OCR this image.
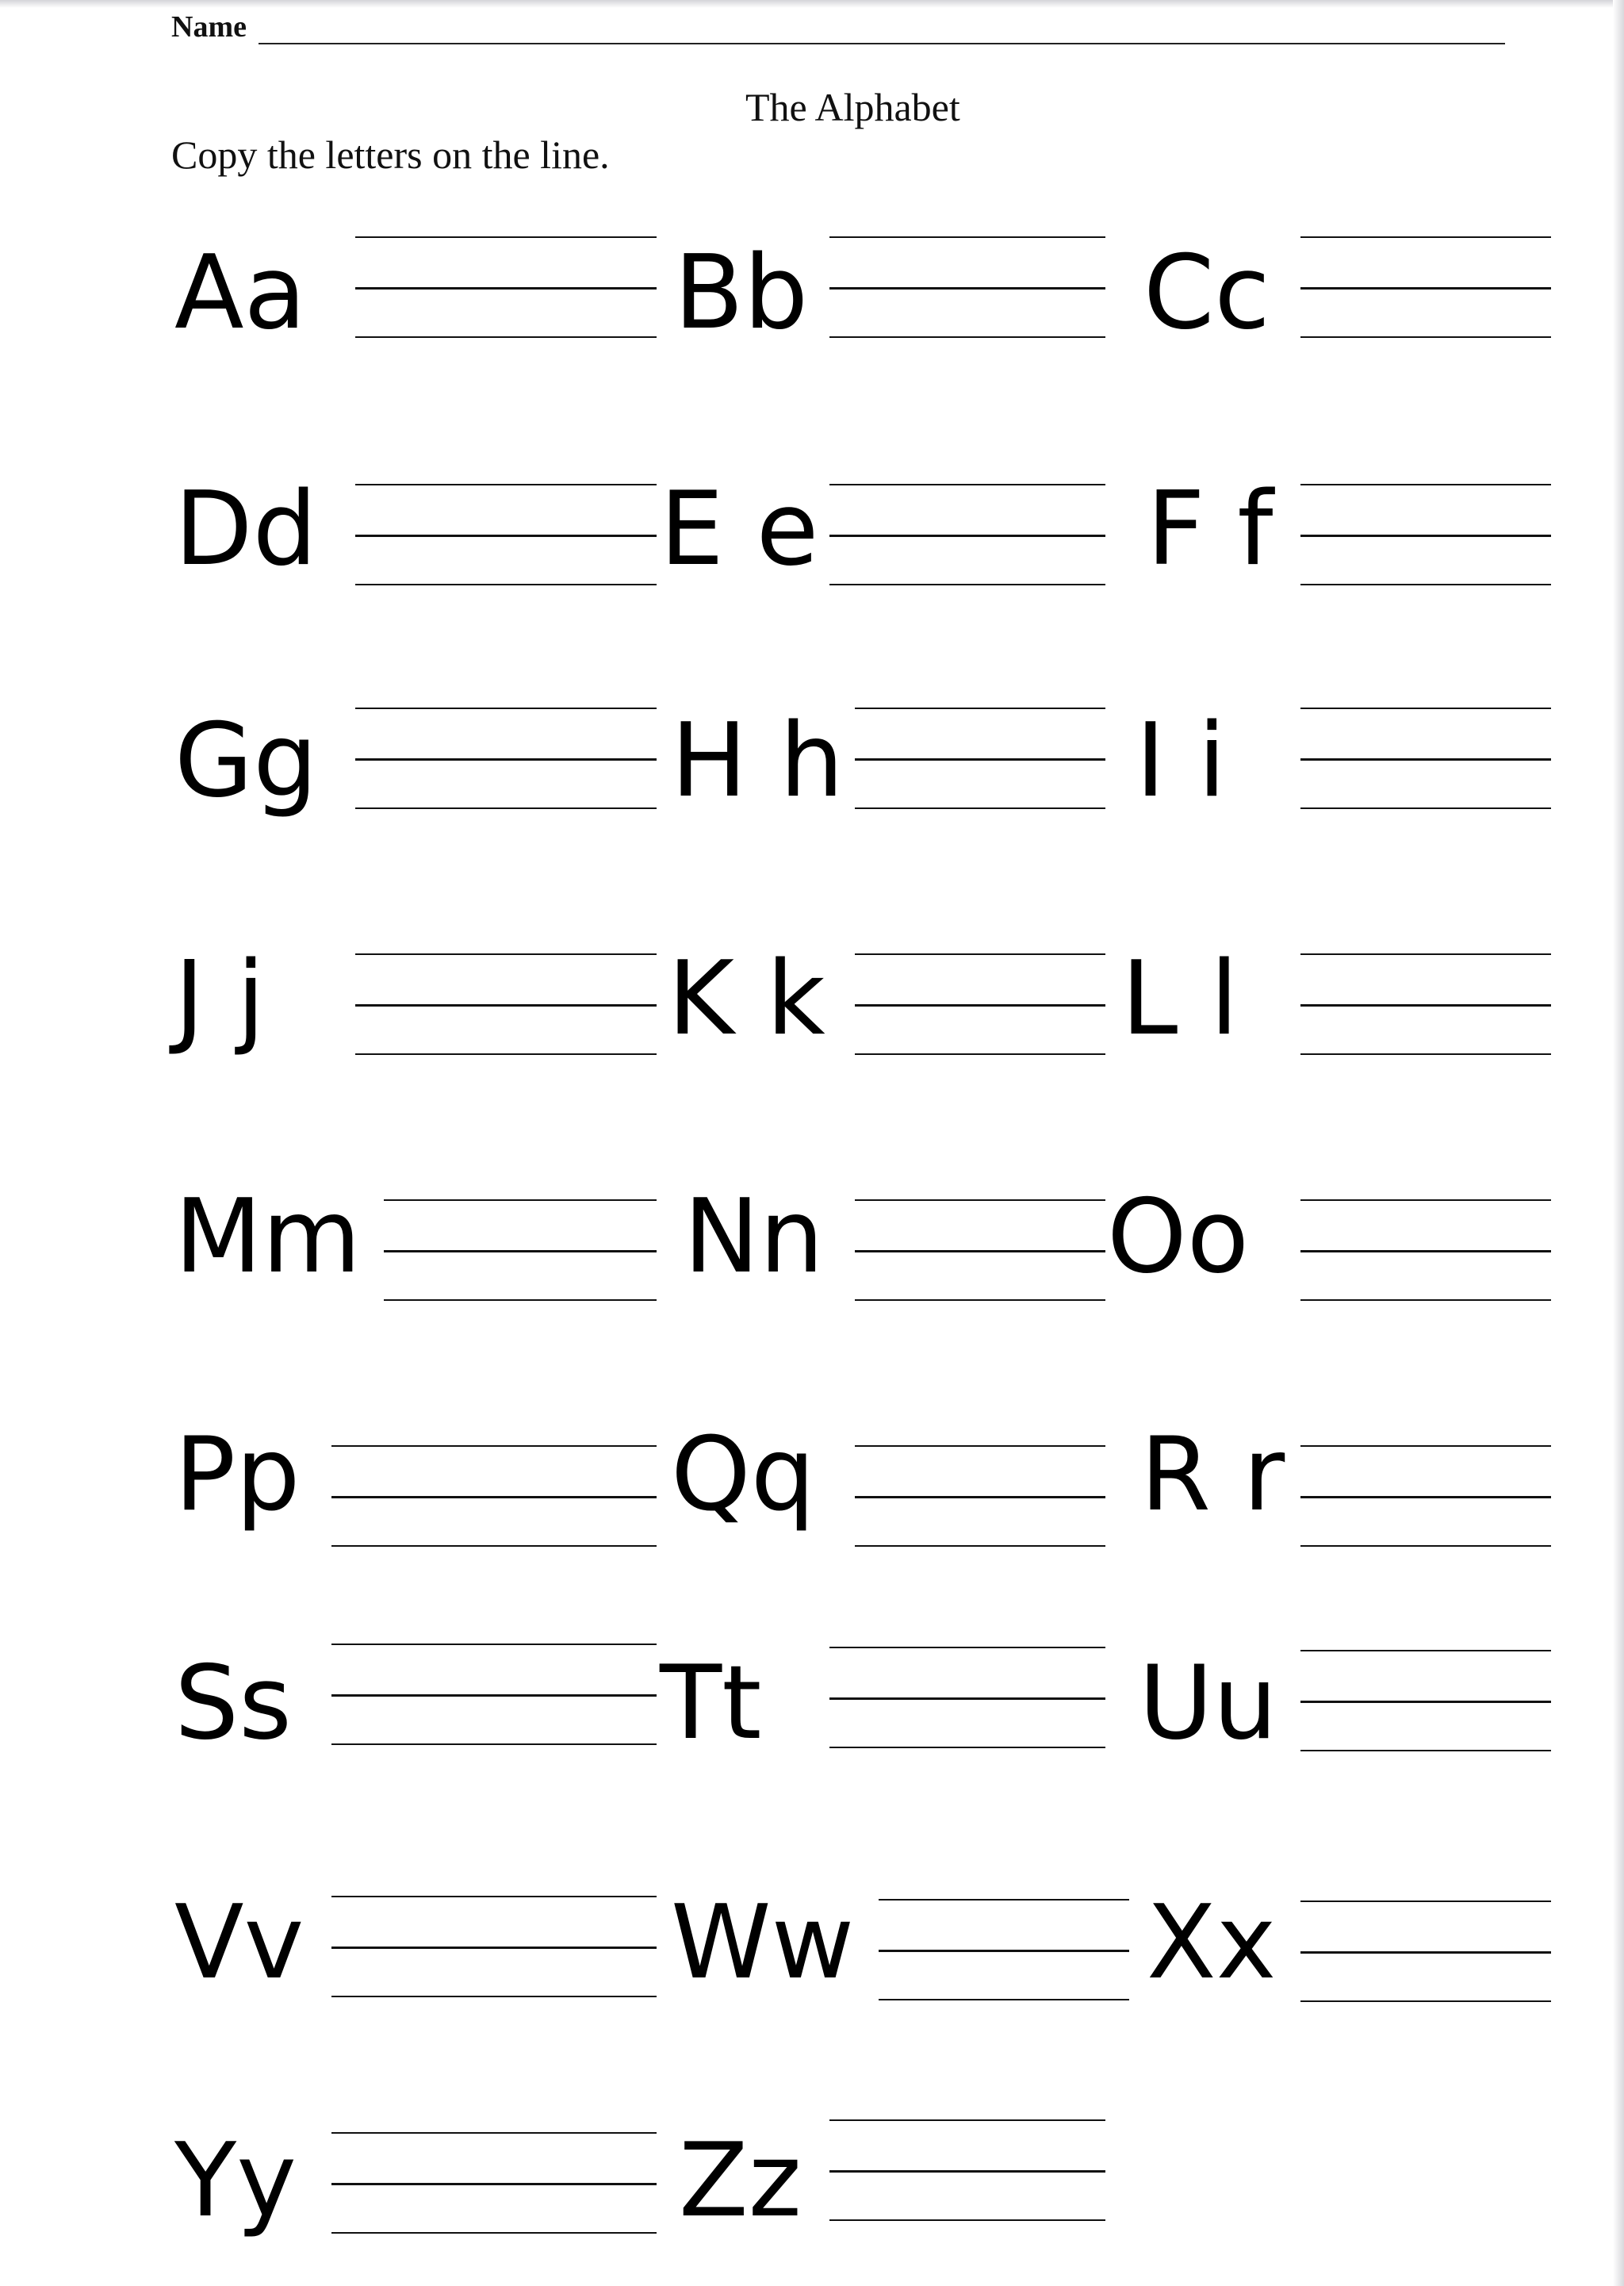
Name
The Alphabet
Copy the letters on the line.
Aa	Bb	Cc
Dd	E e	F f
Gg	H h	I i
J j	K k	L l
Mm	Nn	Oo
Pp	Qq	R r
Ss	Tt	Uu
Vv	Ww	Xx
Yy	Zz
